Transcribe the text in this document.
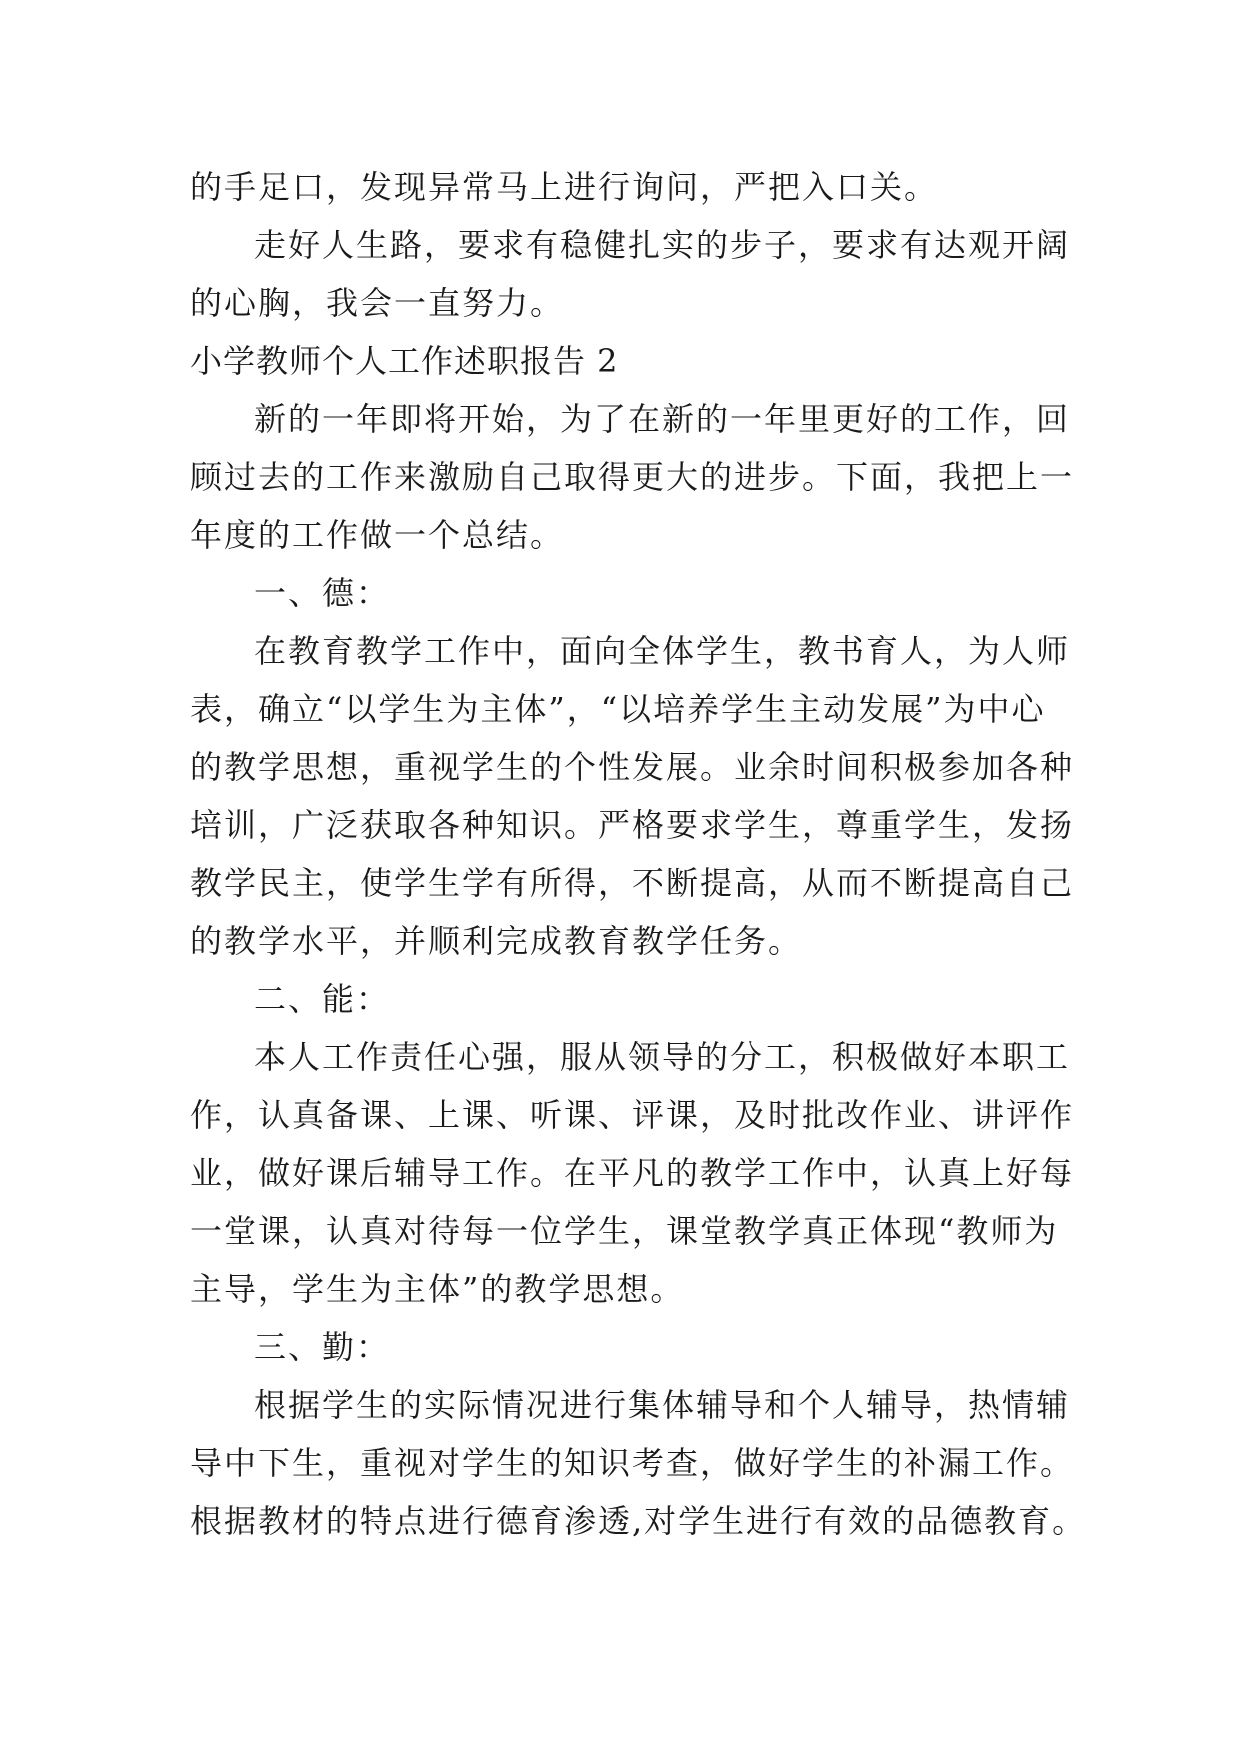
的手足口，发现异常马上进行询问，严把入口关。
走好人生路，要求有稳健扎实的步子，要求有达观开阔
的心胸，我会一直努力。
小学教师个人工作述职报告 2
新的一年即将开始，为了在新的一年里更好的工作，回
顾过去的工作来激励自己取得更大的进步。下面，我把上一
年度的工作做一个总结。
一、德：
在教育教学工作中，面向全体学生，教书育人，为人师
表，确立“以学生为主体”，“以培养学生主动发展”为中心
的教学思想，重视学生的个性发展。业余时间积极参加各种
培训，广泛获取各种知识。严格要求学生，尊重学生，发扬
教学民主，使学生学有所得，不断提高，从而不断提高自己
的教学水平，并顺利完成教育教学任务。
二、能：
本人工作责任心强，服从领导的分工，积极做好本职工
作，认真备课、上课、听课、评课，及时批改作业、讲评作
业，做好课后辅导工作。在平凡的教学工作中，认真上好每
一堂课，认真对待每一位学生，课堂教学真正体现“教师为
主导，学生为主体”的教学思想。
三、勤：
根据学生的实际情况进行集体辅导和个人辅导，热情辅
导中下生，重视对学生的知识考查，做好学生的补漏工作。
根据教材的特点进行德育渗透,对学生进行有效的品德教育。
